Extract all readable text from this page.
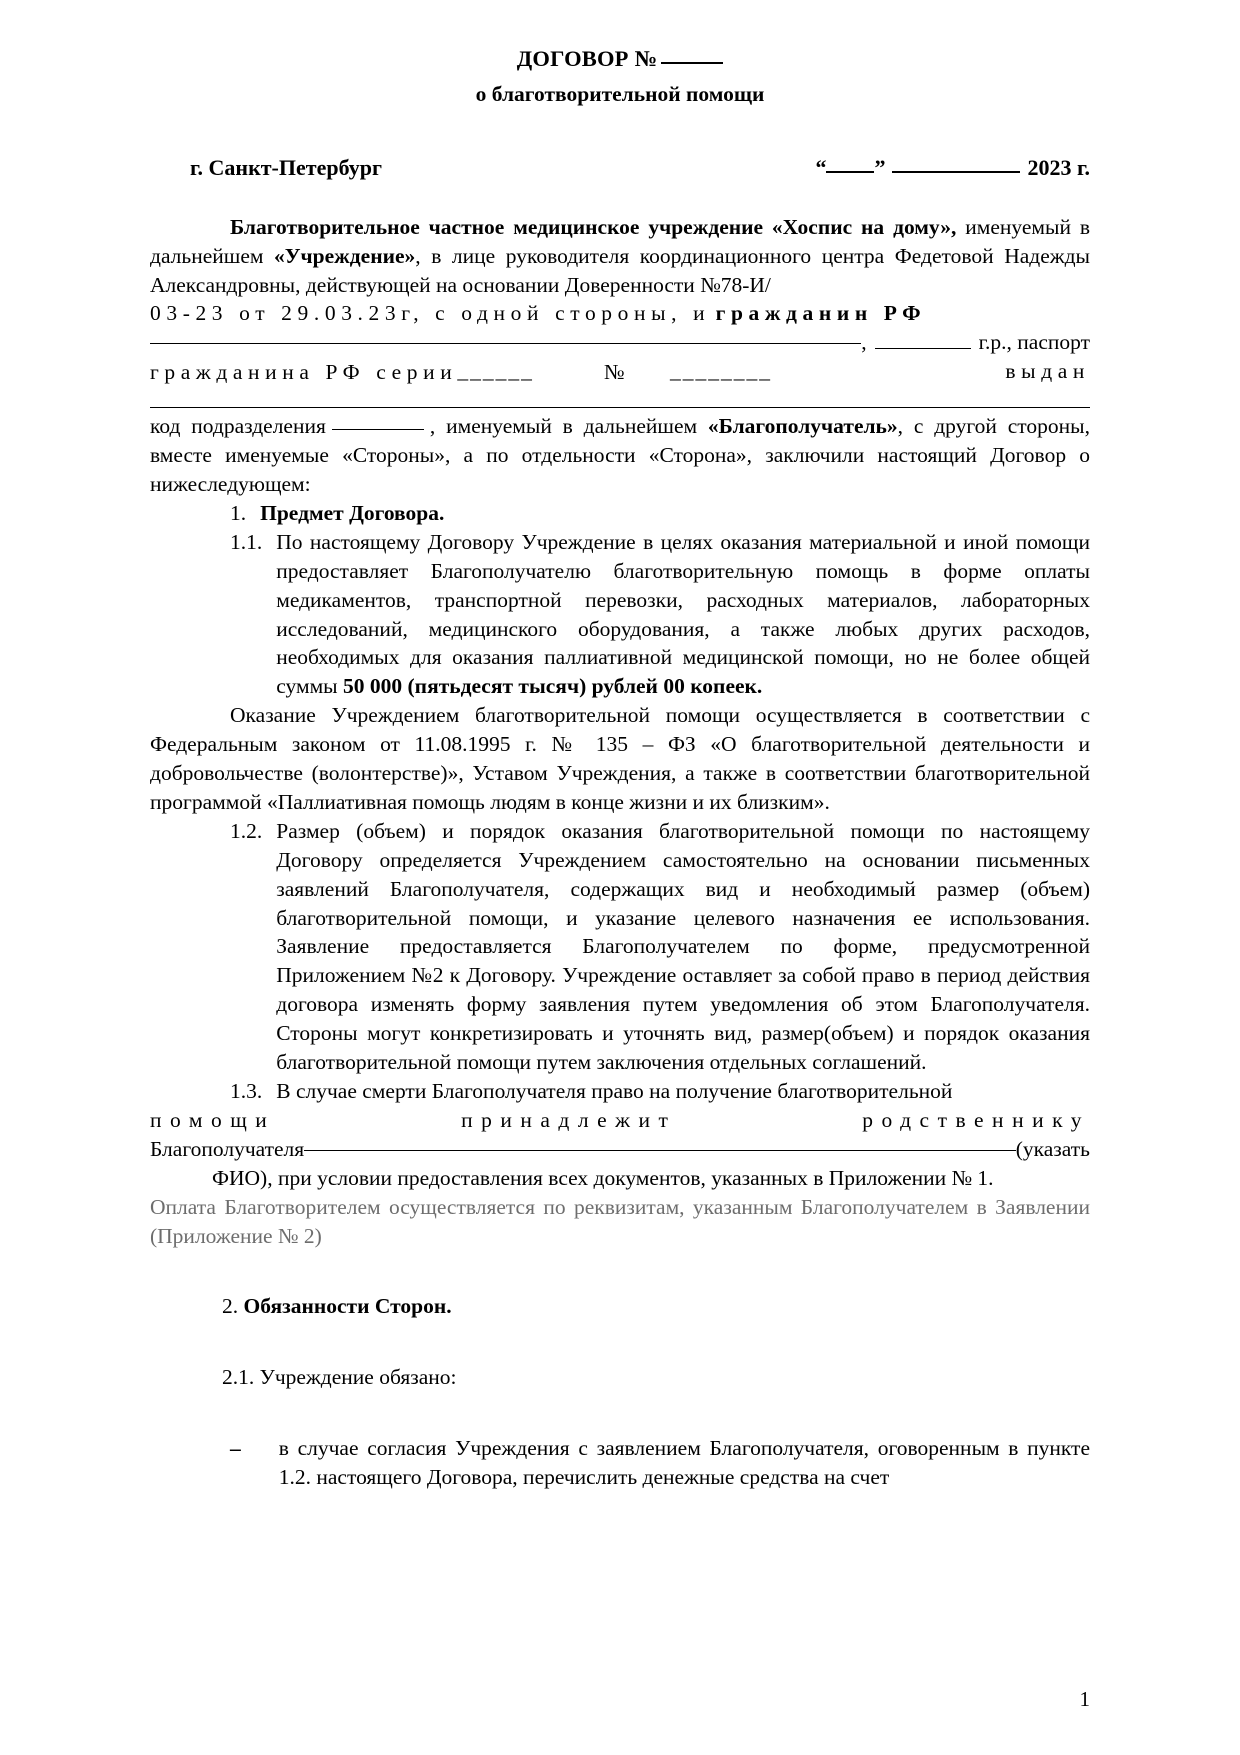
ДОГОВОР №
о благотворительной помощи
г. Санкт-Петербург	“ ”	2023 г.

Благотворительное частное медицинское учреждение «Хоспис на дому», именуемый в дальнейшем «Учреждение», в лице руководителя координационного центра Федетовой Надежды Александровны, действующей на основании Доверенности №78-И/

03-23 от 29.03.23г, с одной стороны, и гражданин РФ

,	г.р., паспорт

гражданина РФ серии______	№ ________	выдан

код подразделения	, именуемый в дальнейшем «Благополучатель», с другой стороны, вместе именуемые «Стороны», а по отдельности «Сторона», заключили настоящий Договор о нижеследующем:

1. Предмет Договора.
1.1. По настоящему Договору Учреждение в целях оказания материальной и иной помощи предоставляет Благополучателю благотворительную помощь в форме оплаты медикаментов, транспортной перевозки, расходных материалов, лабораторных исследований, медицинского оборудования, а также любых других расходов, необходимых для оказания паллиативной медицинской помощи, но не более общей суммы 50 000 (пятьдесят тысяч) рублей 00 копеек.

Оказание Учреждением благотворительной помощи осуществляется в соответствии с Федеральным законом от 11.08.1995 г. № 135 – ФЗ «О благотворительной деятельности и добровольчестве (волонтерстве)», Уставом Учреждения, а также в соответствии благотворительной программой «Паллиативная помощь людям в конце жизни и их близким».

1.2. Размер (объем) и порядок оказания благотворительной помощи по настоящему Договору определяется Учреждением самостоятельно на основании письменных заявлений Благополучателя, содержащих вид и необходимый размер (объем) благотворительной помощи, и указание целевого назначения ее использования. Заявление предоставляется Благополучателем по форме, предусмотренной Приложением №2 к Договору. Учреждение оставляет за собой право в период действия договора изменять форму заявления путем уведомления об этом Благополучателя. Стороны могут конкретизировать и уточнять вид, размер(объем) и порядок оказания благотворительной помощи путем заключения отдельных соглашений.
1.3. В случае смерти Благополучателя право на получение благотворительной

помощи	принадлежит	родственнику

Благополучателя	(указать

ФИО), при условии предоставления всех документов, указанных в Приложении № 1.

Оплата Благотворителем осуществляется по реквизитам, указанным Благополучателем в Заявлении (Приложение № 2)

2. Обязанности Сторон.

2.1. Учреждение обязано:

–	в случае согласия Учреждения с заявлением Благополучателя, оговоренным в пункте 1.2. настоящего Договора, перечислить денежные средства на счет
1
